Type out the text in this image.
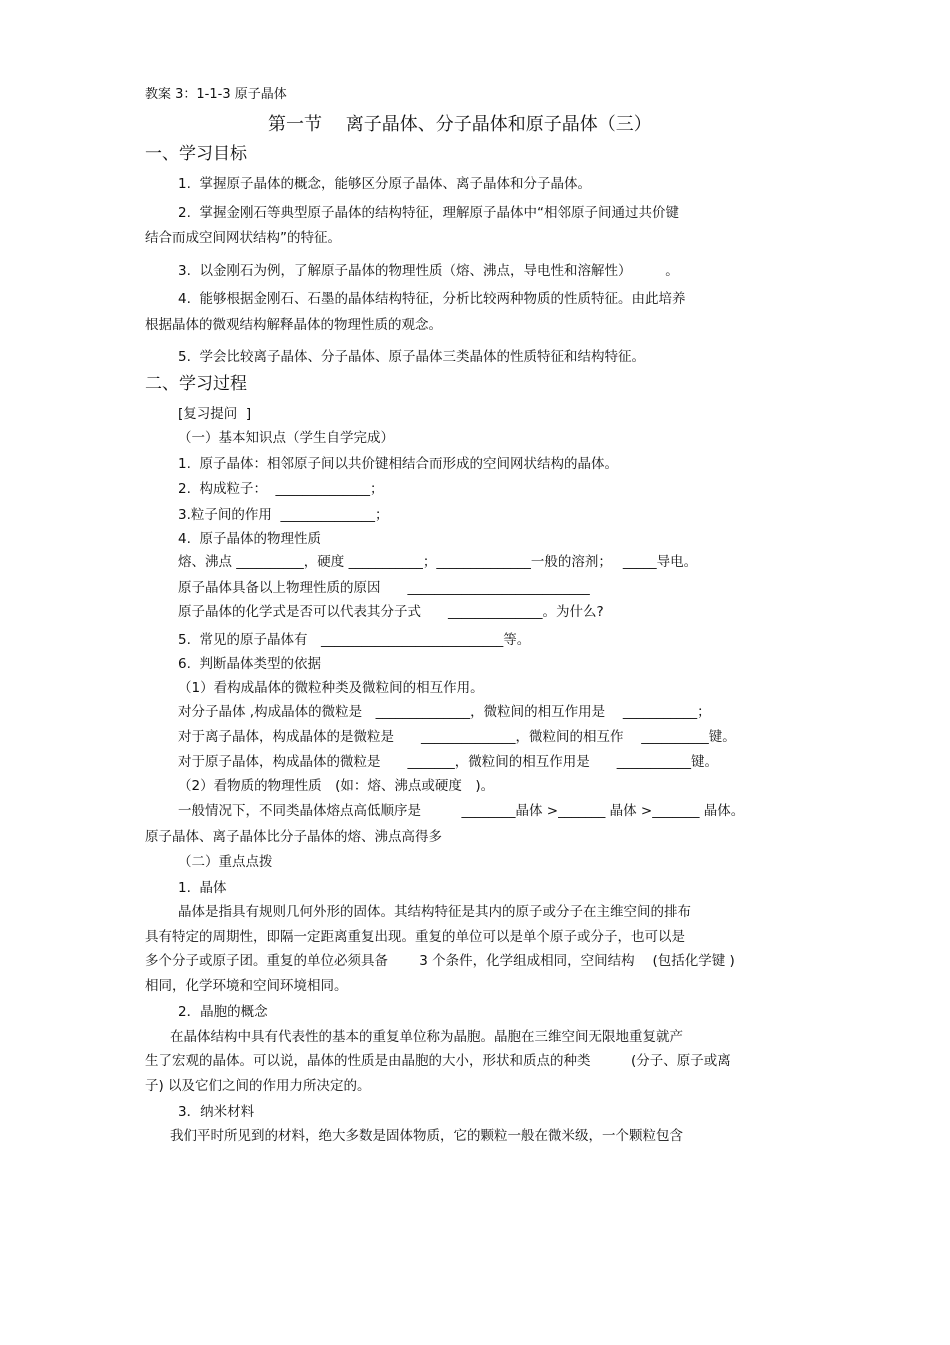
教案 3：1-1-3 原子晶体
第一节　 离子晶体、分子晶体和原子晶体（三）
一、学习目标
1.  掌握原子晶体的概念，能够区分原子晶体、离子晶体和分子晶体。
2.  掌握金刚石等典型原子晶体的结构特征，理解原子晶体中“相邻原子间通过共价键
结合而成空间网状结构”的特征。
3.  以金刚石为例，了解原子晶体的物理性质（熔、沸点，导电性和溶解性）　　　。
4.  能够根据金刚石、石墨的晶体结构特征，分析比较两种物质的性质特征。由此培养
根据晶体的微观结构解释晶体的物理性质的观念。
5.  学会比较离子晶体、分子晶体、原子晶体三类晶体的性质特征和结构特征。
二、学习过程
[复习提问  ]
（一）基本知识点（学生自学完成）
1.  原子晶体：相邻原子间以共价键相结合而形成的空间网状结构的晶体。
2.  构成粒子：  ______________；
3.粒子间的作用  ______________；
4.  原子晶体的物理性质
熔、沸点 __________，硬度 ___________；______________一般的溶剂；　 _____导电。
原子晶体具备以上物理性质的原因　　___________________________
原子晶体的化学式是否可以代表其分子式　　______________。为什么?
5.  常见的原子晶体有　___________________________等。
6.  判断晶体类型的依据
（1）看构成晶体的微粒种类及微粒间的相互作用。
对分子晶体 ,构成晶体的微粒是　______________，微粒间的相互作用是　 ___________；
对于离子晶体，构成晶体的是微粒是　　______________，微粒间的相互作　 __________键。
对于原子晶体，构成晶体的微粒是　　_______，微粒间的相互作用是　　___________键。
（2）看物质的物理性质　(如：熔、沸点或硬度　)。
一般情况下，不同类晶体熔点高低顺序是　　　________晶体 >_______ 晶体 >_______ 晶体。
原子晶体、离子晶体比分子晶体的熔、沸点高得多
（二）重点点拨
1.  晶体
晶体是指具有规则几何外形的固体。其结构特征是其内的原子或分子在主维空间的排布
具有特定的周期性，即隔一定距离重复出现。重复的单位可以是单个原子或分子，也可以是
多个分子或原子团。重复的单位必须具备　　 3 个条件，化学组成相同，空间结构　 (包括化学键 )
相同，化学环境和空间环境相同。
2．晶胞的概念
在晶体结构中具有代表性的基本的重复单位称为晶胞。晶胞在三维空间无限地重复就产
生了宏观的晶体。可以说，晶体的性质是由晶胞的大小，形状和质点的种类　　　(分子、原子或离
子) 以及它们之间的作用力所决定的。
3．纳米材料
我们平时所见到的材料，绝大多数是固体物质，它的颗粒一般在微米级，一个颗粒包含
